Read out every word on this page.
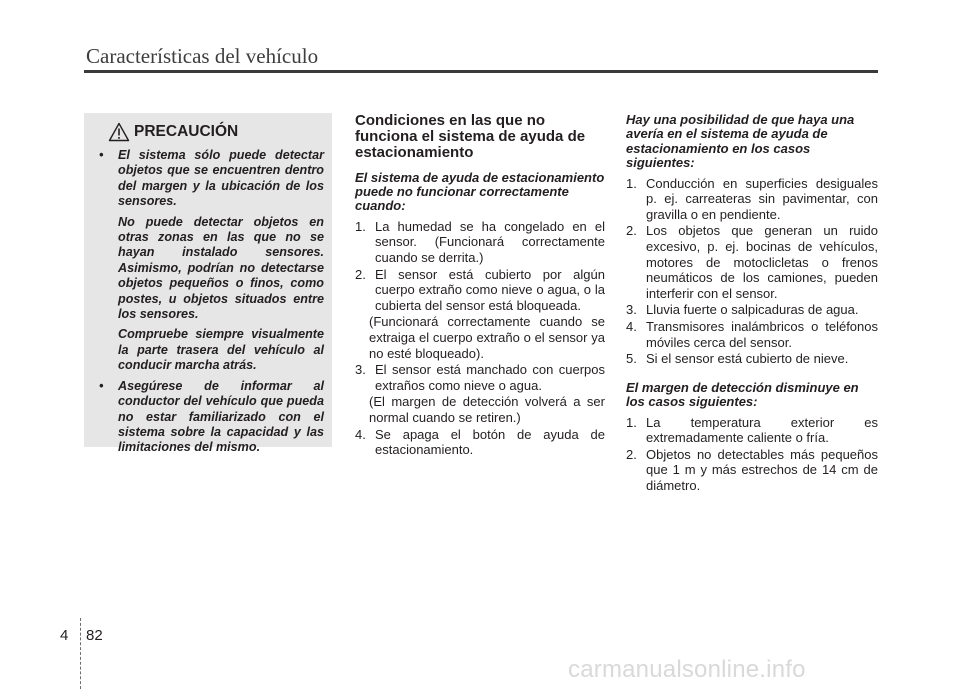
Características del vehículo
PRECAUCIÓN
• El sistema sólo puede detectar objetos que se encuentren dentro del margen y la ubicación de los sensores.
No puede detectar objetos en otras zonas en las que no se hayan instalado sensores. Asimismo, podrían no detectarse objetos pequeños o finos, como postes, u objetos situados entre los sensores.
Compruebe siempre visualmente la parte trasera del vehículo al conducir marcha atrás.
• Asegúrese de informar al conductor del vehículo que pueda no estar familiarizado con el sistema sobre la capacidad y las limitaciones del mismo.
Condiciones en las que no funciona el sistema de ayuda de estacionamiento
El sistema de ayuda de estacionamiento puede no funcionar correctamente cuando:
1. La humedad se ha congelado en el sensor. (Funcionará correctamente cuando se derrita.)
2. El sensor está cubierto por algún cuerpo extraño como nieve o agua, o la cubierta del sensor está bloqueada.
(Funcionará correctamente cuando se extraiga el cuerpo extraño o el sensor ya no esté bloqueado).
3. El sensor está manchado con cuerpos extraños como nieve o agua.
(El margen de detección volverá a ser normal cuando se retiren.)
4. Se apaga el botón de ayuda de estacionamiento.
Hay una posibilidad de que haya una avería en el sistema de ayuda de estacionamiento en los casos siguientes:
1. Conducción en superficies desiguales p. ej. carreateras sin pavimentar, con gravilla o en pendiente.
2. Los objetos que generan un ruido excesivo, p. ej. bocinas de vehículos, motores de motoclicletas o frenos neumáticos de los camiones, pueden interferir con el sensor.
3. Lluvia fuerte o salpicaduras de agua.
4. Transmisores inalámbricos o teléfonos móviles cerca del sensor.
5. Si el sensor está cubierto de nieve.
El margen de detección disminuye en los casos siguientes:
1. La temperatura exterior es extremadamente caliente o fría.
2. Objetos no detectables más pequeños que 1 m y más estrechos de 14 cm de diámetro.
4 82
carmanualsonline.info
